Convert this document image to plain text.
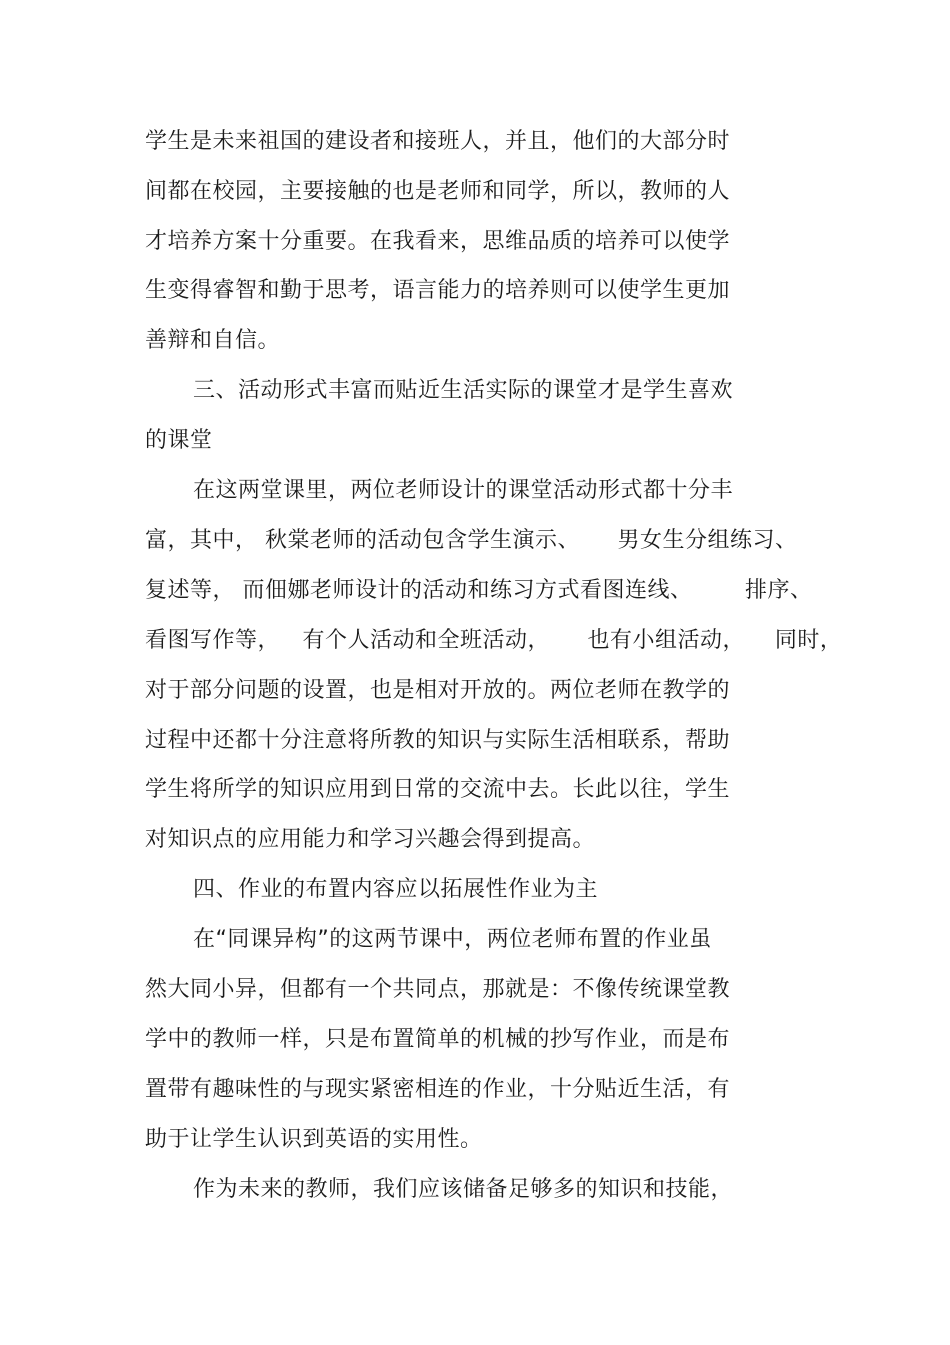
学生是未来祖国的建设者和接班人，并且，他们的大部分时
间都在校园，主要接触的也是老师和同学，所以，教师的人
才培养方案十分重要。在我看来，思维品质的培养可以使学
生变得睿智和勤于思考，语言能力的培养则可以使学生更加
善辩和自信。
三、活动形式丰富而贴近生活实际的课堂才是学生喜欢
的课堂
在这两堂课里，两位老师设计的课堂活动形式都十分丰
富，其中， 秋棠老师的活动包含学生演示、     男女生分组练习、
复述等， 而佃娜老师设计的活动和练习方式看图连线、       排序、
看图写作等，   有个人活动和全班活动，     也有小组活动，    同时，
对于部分问题的设置，也是相对开放的。两位老师在教学的
过程中还都十分注意将所教的知识与实际生活相联系，帮助
学生将所学的知识应用到日常的交流中去。长此以往，学生
对知识点的应用能力和学习兴趣会得到提高。
四、作业的布置内容应以拓展性作业为主
在“同课异构”的这两节课中，两位老师布置的作业虽
然大同小异，但都有一个共同点，那就是：不像传统课堂教
学中的教师一样，只是布置简单的机械的抄写作业，而是布
置带有趣味性的与现实紧密相连的作业，十分贴近生活，有
助于让学生认识到英语的实用性。
作为未来的教师，我们应该储备足够多的知识和技能，
